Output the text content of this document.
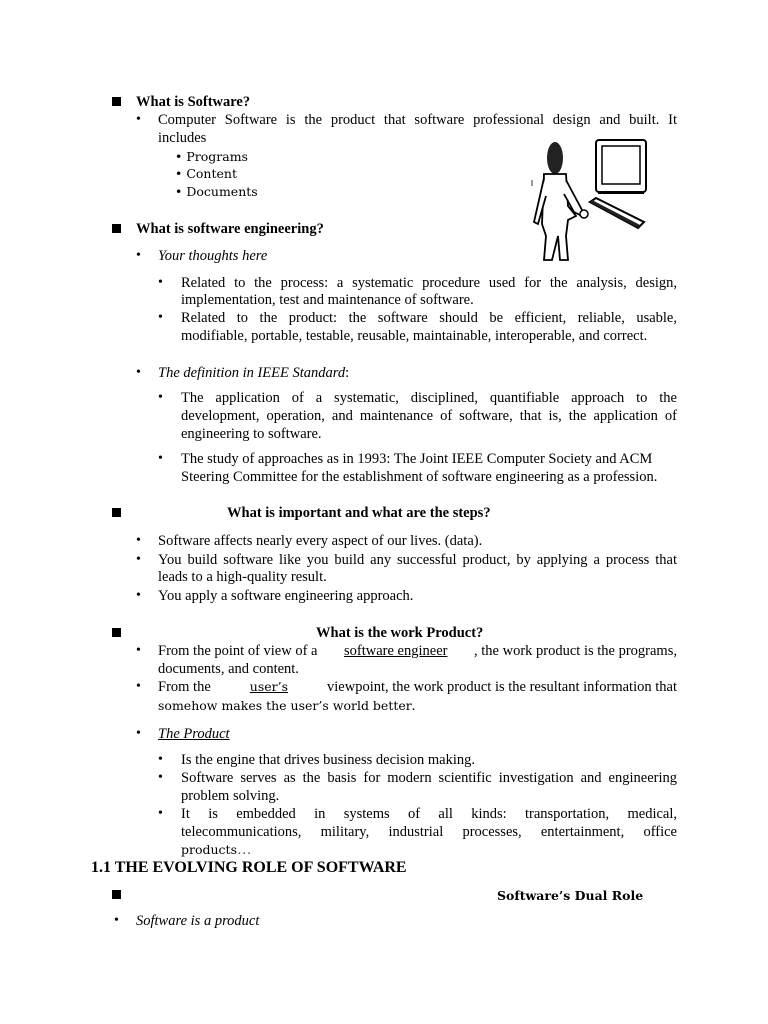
What is Software?
• Computer Software is the product that software professional design and built. It
includes
• Programs
• Content
• Documents
What is software engineering?
• Your thoughts here
• Related to the process: a systematic procedure used for the analysis, design,
implementation, test and maintenance of software.
• Related to the product: the software should be efficient, reliable, usable,
modifiable, portable, testable, reusable, maintainable, interoperable, and correct.
• The definition in IEEE Standard:
• The application of a systematic, disciplined, quantifiable approach to the
development, operation, and maintenance of software, that is, the application of
engineering to software.
• The study of approaches as in 1993: The Joint IEEE Computer Society and ACM
Steering Committee for the establishment of software engineering as a profession.
What is important and what are the steps?
• Software affects nearly every aspect of our lives. (data).
• You build software like you build any successful product, by applying a process that
leads to a high-quality result.
• You apply a software engineering approach.
What is the work Product?
• From the point of view of a software engineer , the work product is the programs,
documents, and content.
• From the	user’s	viewpoint, the work product is the resultant information that
somehow makes the user’s world better.
• The Product
• Is the engine that drives business decision making.
• Software serves as the basis for modern scientific investigation and engineering
problem solving.
• It is embedded in systems of all kinds: transportation, medical,
telecommunications, military, industrial processes, entertainment, office
products…
1.1 THE EVOLVING ROLE OF SOFTWARE
Software’s Dual Role
• Software is a product
